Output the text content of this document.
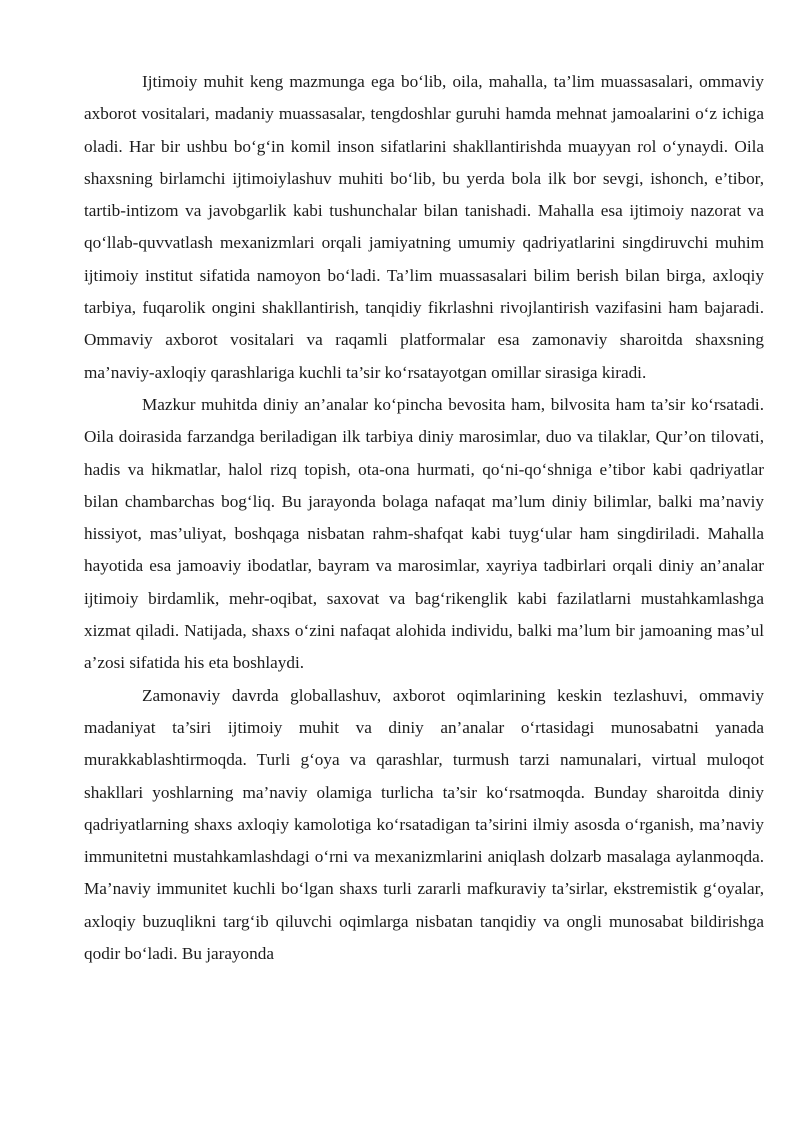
Ijtimoiy muhit keng mazmunga ega bo‘lib, oila, mahalla, ta’lim muassasalari, ommaviy axborot vositalari, madaniy muassasalar, tengdoshlar guruhi hamda mehnat jamoalarini o‘z ichiga oladi. Har bir ushbu bo‘g‘in komil inson sifatlarini shakllantirishda muayyan rol o‘ynaydi. Oila shaxsning birlamchi ijtimoiylashuv muhiti bo‘lib, bu yerda bola ilk bor sevgi, ishonch, e’tibor, tartib-intizom va javobgarlik kabi tushunchalar bilan tanishadi. Mahalla esa ijtimoiy nazorat va qo‘llab-quvvatlash mexanizmlari orqali jamiyatning umumiy qadriyatlarini singdiruvchi muhim ijtimoiy institut sifatida namoyon bo‘ladi. Ta’lim muassasalari bilim berish bilan birga, axloqiy tarbiya, fuqarolik ongini shakllantirish, tanqidiy fikrlashni rivojlantirish vazifasini ham bajaradi. Ommaviy axborot vositalari va raqamli platformalar esa zamonaviy sharoitda shaxsning ma’naviy-axloqiy qarashlariga kuchli ta’sir ko‘rsatayotgan omillar sirasiga kiradi.

Mazkur muhitda diniy an’analar ko‘pincha bevosita ham, bilvosita ham ta’sir ko‘rsatadi. Oila doirasida farzandga beriladigan ilk tarbiya diniy marosimlar, duo va tilaklar, Qur’on tilovati, hadis va hikmatlar, halol rizq topish, ota-ona hurmati, qo‘ni-qo‘shniga e’tibor kabi qadriyatlar bilan chambarchas bog‘liq. Bu jarayonda bolaga nafaqat ma’lum diniy bilimlar, balki ma’naviy hissiyot, mas’uliyat, boshqaga nisbatan rahm-shafqat kabi tuyg‘ular ham singdiriladi. Mahalla hayotida esa jamoaviy ibodatlar, bayram va marosimlar, xayriya tadbirlari orqali diniy an’analar ijtimoiy birdamlik, mehr-oqibat, saxovat va bag‘rikenglik kabi fazilatlarni mustahkamlashga xizmat qiladi. Natijada, shaxs o‘zini nafaqat alohida individu, balki ma’lum bir jamoaning mas’ul a’zosi sifatida his eta boshlaydi.

Zamonaviy davrda globallashuv, axborot oqimlarining keskin tezlashuvi, ommaviy madaniyat ta’siri ijtimoiy muhit va diniy an’analar o‘rtasidagi munosabatni yanada murakkablashtirmoqda. Turli g‘oya va qarashlar, turmush tarzi namunalari, virtual muloqot shakllari yoshlarning ma’naviy olamiga turlicha ta’sir ko‘rsatmoqda. Bunday sharoitda diniy qadriyatlarning shaxs axloqiy kamolotiga ko‘rsatadigan ta’sirini ilmiy asosda o‘rganish, ma’naviy immunitetni mustahkamlashdagi o‘rni va mexanizmlarini aniqlash dolzarb masalaga aylanmoqda. Ma’naviy immunitet kuchli bo‘lgan shaxs turli zararli mafkuraviy ta’sirlar, ekstremistik g‘oyalar, axloqiy buzuqlikni targ‘ib qiluvchi oqimlarga nisbatan tanqidiy va ongli munosabat bildirishga qodir bo‘ladi. Bu jarayonda
